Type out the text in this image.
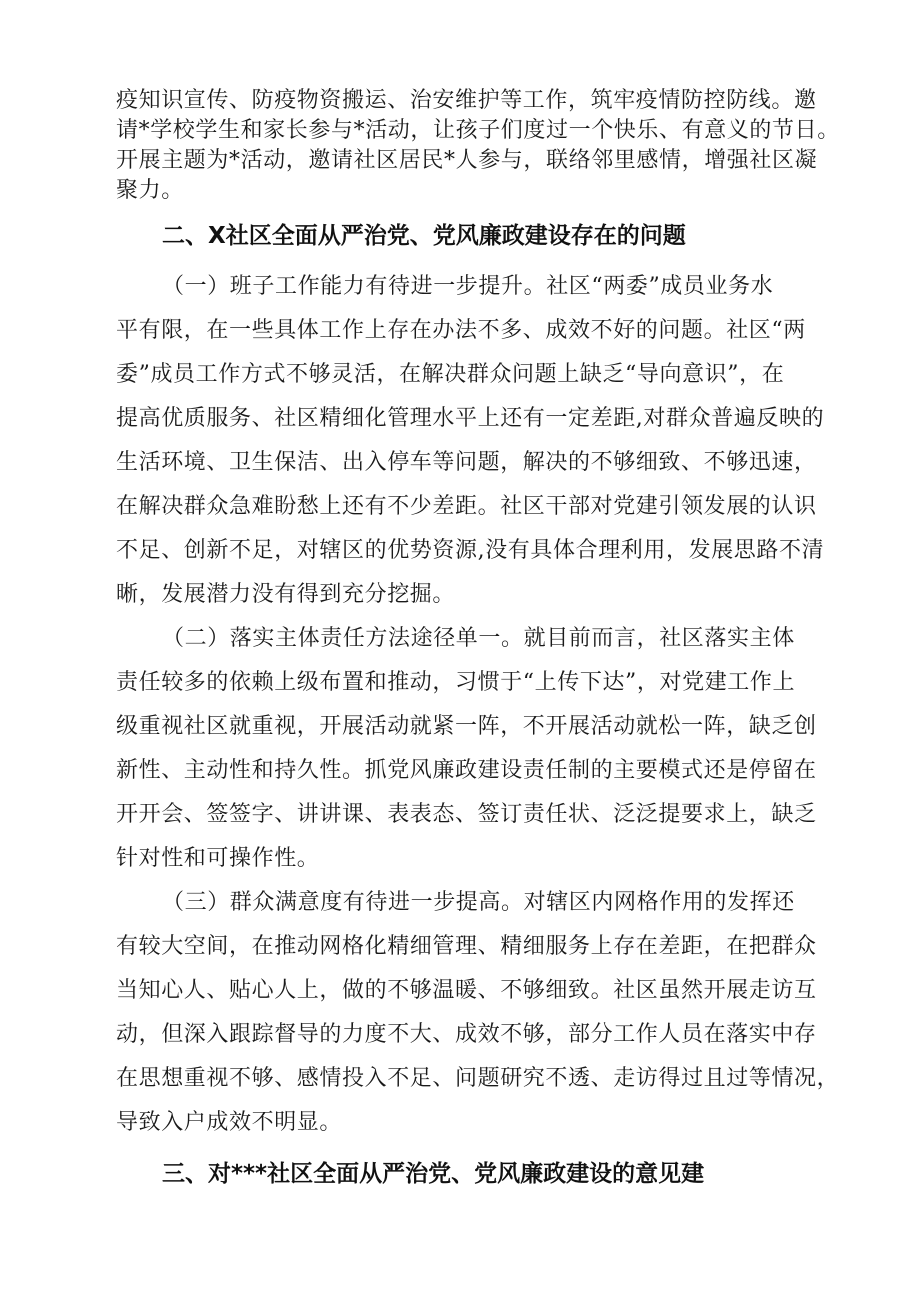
疫知识宣传、防疫物资搬运、治安维护等工作，筑牢疫情防控防线。邀
请*学校学生和家长参与*活动，让孩子们度过一个快乐、有意义的节日。
开展主题为*活动，邀请社区居民*人参与，联络邻里感情，增强社区凝
聚力。
二、X社区全面从严治党、党风廉政建设存在的问题
（一）班子工作能力有待进一步提升。社区“两委”成员业务水
平有限，在一些具体工作上存在办法不多、成效不好的问题。社区“两
委”成员工作方式不够灵活，在解决群众问题上缺乏“导向意识”，在
提高优质服务、社区精细化管理水平上还有一定差距,对群众普遍反映的
生活环境、卫生保洁、出入停车等问题，解决的不够细致、不够迅速，
在解决群众急难盼愁上还有不少差距。社区干部对党建引领发展的认识
不足、创新不足，对辖区的优势资源,没有具体合理利用，发展思路不清
晰，发展潜力没有得到充分挖掘。
（二）落实主体责任方法途径单一。就目前而言，社区落实主体
责任较多的依赖上级布置和推动，习惯于“上传下达”，对党建工作上
级重视社区就重视，开展活动就紧一阵，不开展活动就松一阵，缺乏创
新性、主动性和持久性。抓党风廉政建设责任制的主要模式还是停留在
开开会、签签字、讲讲课、表表态、签订责任状、泛泛提要求上，缺乏
针对性和可操作性。
（三）群众满意度有待进一步提高。对辖区内网格作用的发挥还
有较大空间，在推动网格化精细管理、精细服务上存在差距，在把群众
当知心人、贴心人上，做的不够温暖、不够细致。社区虽然开展走访互
动，但深入跟踪督导的力度不大、成效不够，部分工作人员在落实中存
在思想重视不够、感情投入不足、问题研究不透、走访得过且过等情况，
导致入户成效不明显。
三、对***社区全面从严治党、党风廉政建设的意见建
